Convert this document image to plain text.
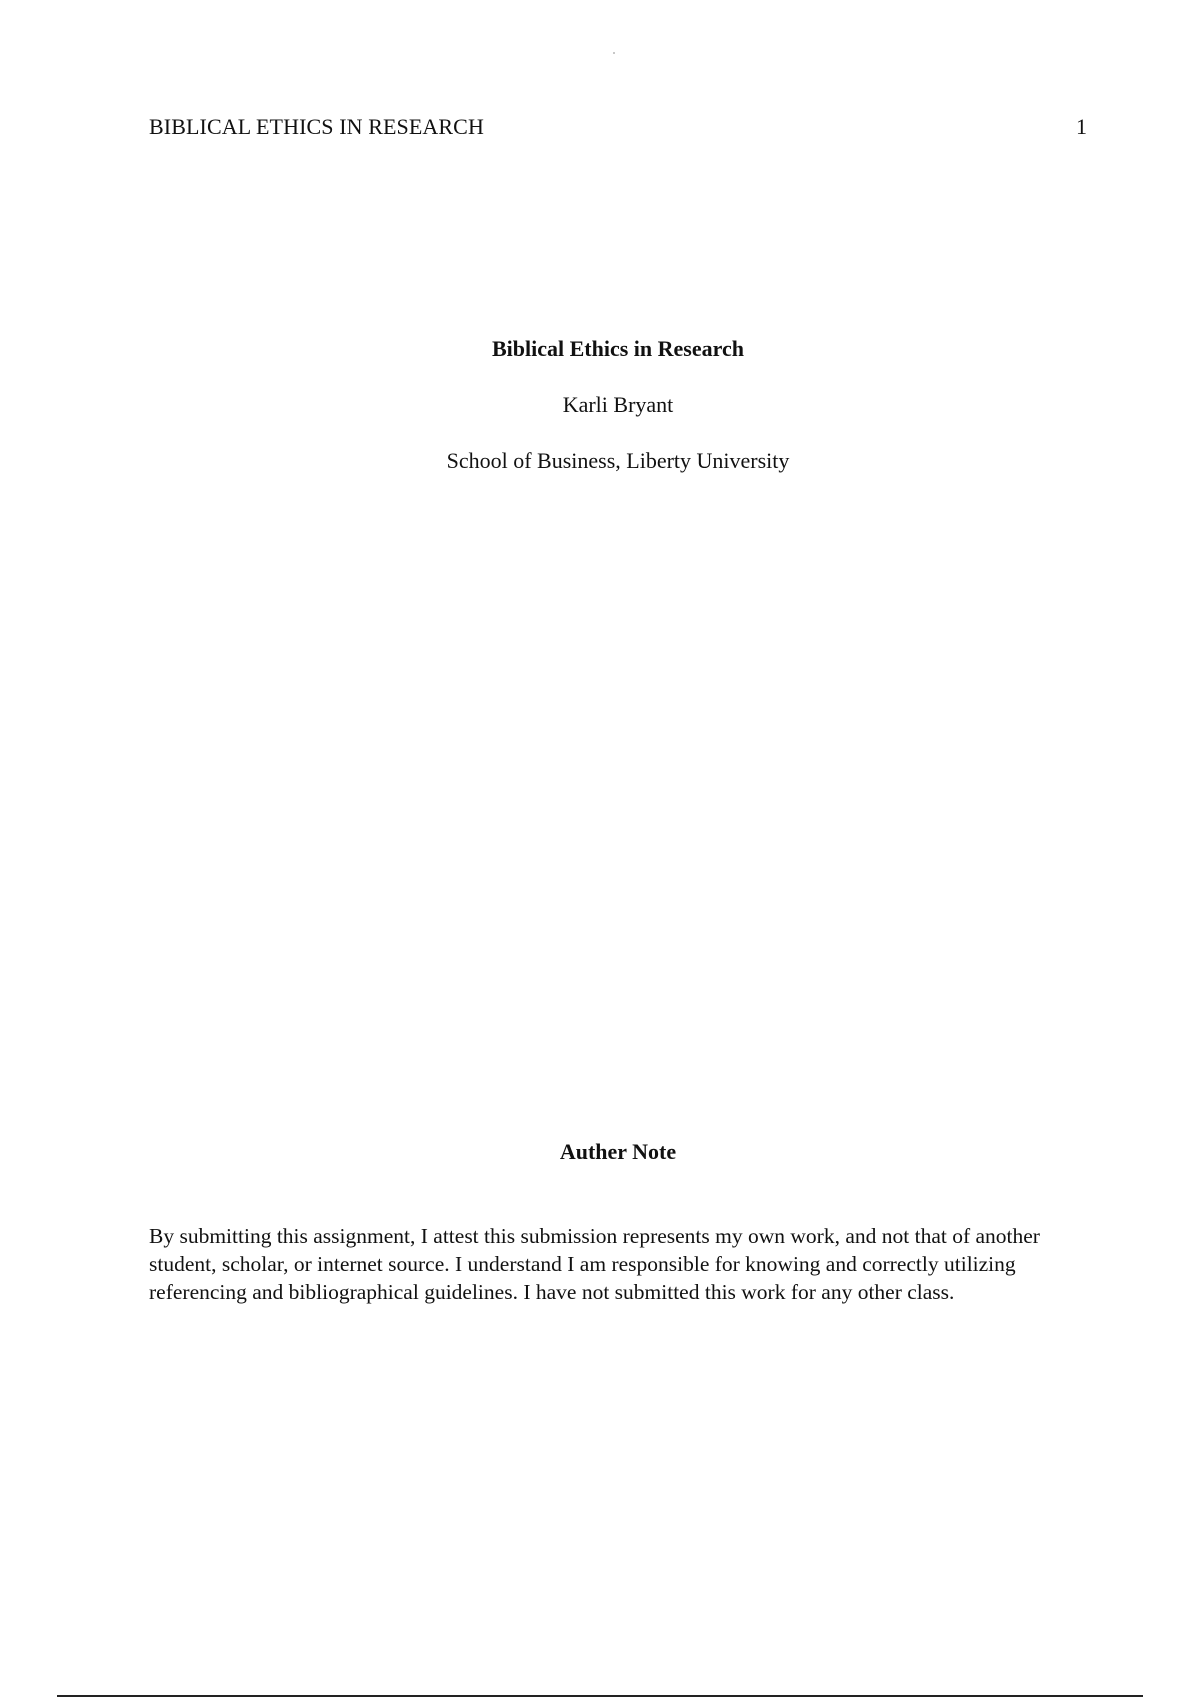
BIBLICAL ETHICS IN RESEARCH	1
Biblical Ethics in Research
Karli Bryant
School of Business, Liberty University
Auther Note
By submitting this assignment, I attest this submission represents my own work, and not that of another student, scholar, or internet source. I understand I am responsible for knowing and correctly utilizing referencing and bibliographical guidelines. I have not submitted this work for any other class.
